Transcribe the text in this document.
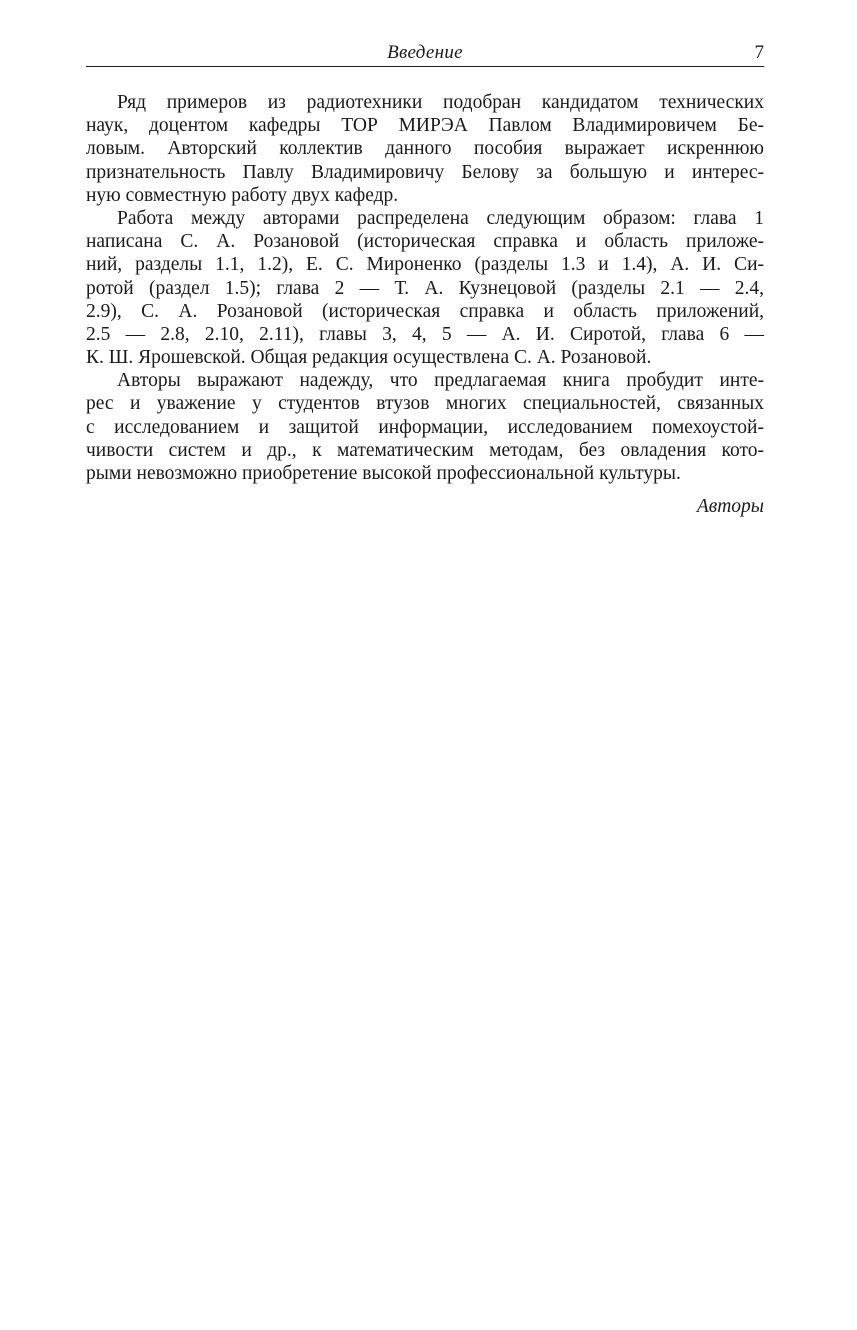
Введение	7
Ряд примеров из радиотехники подобран кандидатом технических
наук, доцентом кафедры ТОР МИРЭА Павлом Владимировичем Бе-
ловым. Авторский коллектив данного пособия выражает искреннюю
признательность Павлу Владимировичу Белову за большую и интерес-
ную совместную работу двух кафедр.
Работа между авторами распределена следующим образом: глава 1
написана С. А. Розановой (историческая справка и область приложе-
ний, разделы 1.1, 1.2), Е. С. Мироненко (разделы 1.3 и 1.4), А. И. Си-
ротой (раздел 1.5); глава 2 — Т. А. Кузнецовой (разделы 2.1 — 2.4,
2.9), С. А. Розановой (историческая справка и область приложений,
2.5 — 2.8, 2.10, 2.11), главы 3, 4, 5 — А. И. Сиротой, глава 6 —
К. Ш. Ярошевской. Общая редакция осуществлена С. А. Розановой.
Авторы выражают надежду, что предлагаемая книга пробудит инте-
рес и уважение у студентов втузов многих специальностей, связанных
с исследованием и защитой информации, исследованием помехоустой-
чивости систем и др., к математическим методам, без овладения кото-
рыми невозможно приобретение высокой профессиональной культуры.
Авторы
